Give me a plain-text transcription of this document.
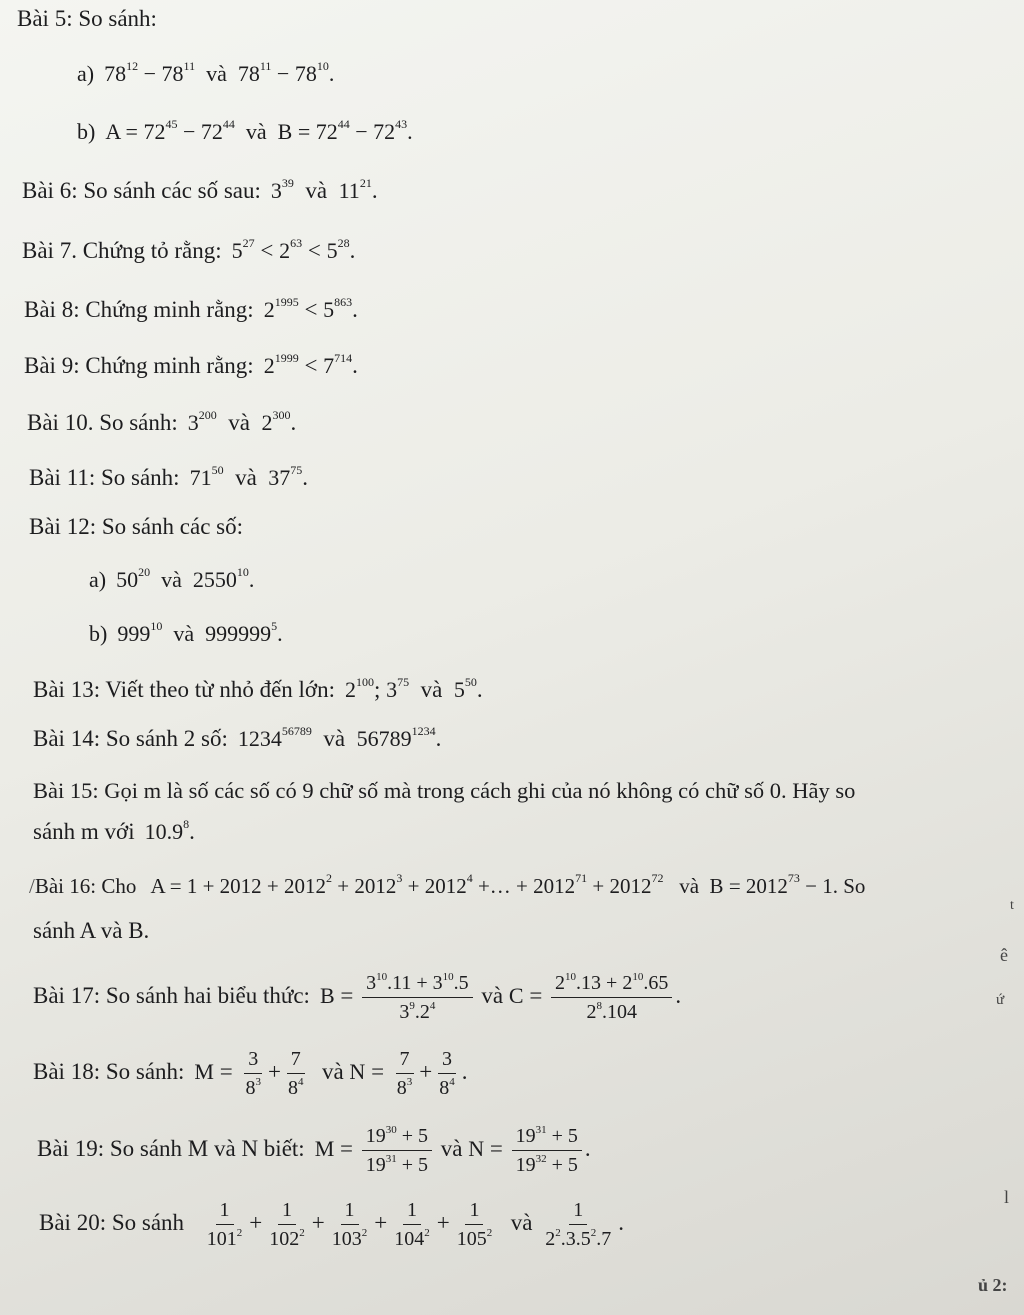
Bài 5: So sánh:
a) $78^{12} - 78^{11}$ và $78^{11} - 78^{10}$.
b) $A = 72^{45} - 72^{44}$ và $B = 72^{44} - 72^{43}$.
Bài 6: So sánh các số sau: $3^{39}$ và $11^{21}$.
Bài 7. Chứng tỏ rằng: $5^{27} < 2^{63} < 5^{28}$.
Bài 8: Chứng minh rằng: $2^{1995} < 5^{863}$.
Bài 9: Chứng minh rằng: $2^{1999} < 7^{714}$.
Bài 10. So sánh: $3^{200}$ và $2^{300}$.
Bài 11: So sánh: $71^{50}$ và $37^{75}$.
Bài 12: So sánh các số:
a) $50^{20}$ và 2550$^{10}$.
b) $999^{10}$ và 999999$^5$.
Bài 13: Viết theo từ nhỏ đến lớn: $2^{100}$; $3^{75}$ và $5^{50}$.
Bài 14: So sánh 2 số: $1234^{56789}$ và $56789^{1234}$.
Bài 15: Gọi m là số các số có 9 chữ số mà trong cách ghi của nó không có chữ số 0. Hãy so
sánh m với 10.9$^8$.
/Bài 16: Cho $A = 1 + 2012 + 2012^2 + 2012^3 + 2012^4$ +… + $2012^{71} + 2012^{72}$ và $B = 2012^{73} - 1$. So
sánh A và B.
Bài 17: So sánh hai biểu thức: $B = \frac{3^{10}.11 + 3^{10}.5}{3^9.2^4}$ và $C = \frac{2^{10}.13 + 2^{10}.65}{2^8.104}$ .
Bài 18: So sánh: $M = \frac{3}{8^3} + \frac{7}{8^4}$ và $N = \frac{7}{8^3} + \frac{3}{8^4}$ .
Bài 19: So sánh M và N biết: $M = \frac{19^{30} + 5}{19^{31} + 5}$ và $N = \frac{19^{31} + 5}{19^{32} + 5}$ .
Bài 20: So sánh $\frac{1}{101^2} + \frac{1}{102^2} + \frac{1}{103^2} + \frac{1}{104^2} + \frac{1}{105^2}$ và $\frac{1}{2^2.3.5^2.7}$ .
t
ê
ứ
l
ủ 2:
